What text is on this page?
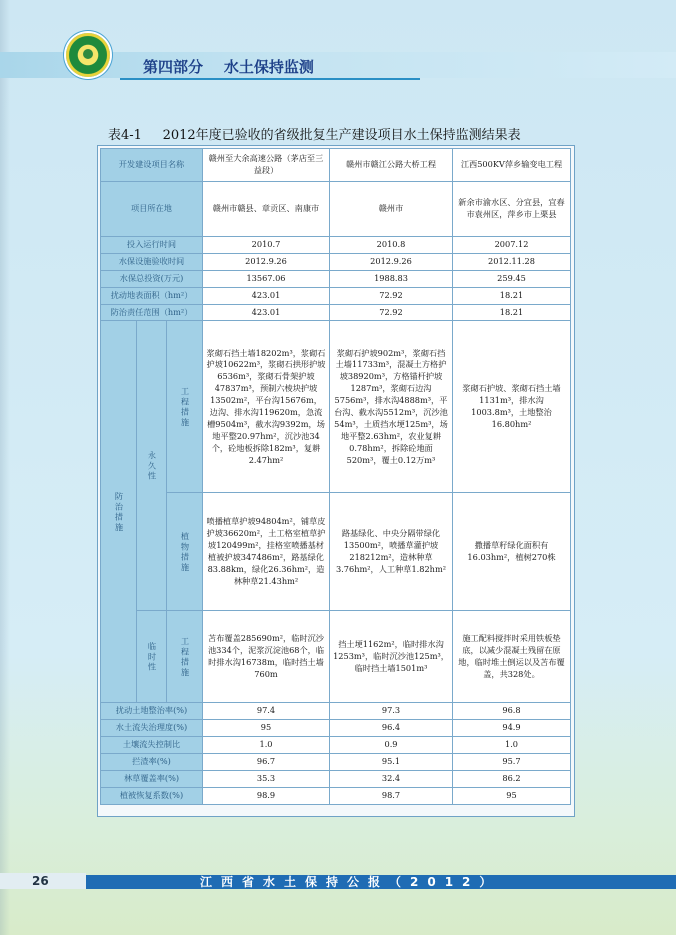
第四部分    水土保持监测
表4-1     2012年度已验收的省级批复生产建设项目水土保持监测结果表
开发建设项目名称			赣州至大余高速公路（茅店至三益段）	赣州市赣江公路大桥工程	江西500KV萍乡输变电工程
项目所在地			赣州市赣县、章贡区、南康市	赣州市	新余市渝水区、分宜县，宜春市袁州区，萍乡市上栗县
投入运行时间			2010.7	2010.8	2007.12
水保设施验收时间			2012.9.26	2012.9.26	2012.11.28
水保总投资(万元)			13567.06	1988.83	259.45
扰动地表面积（hm²）			423.01	72.92	18.21
防治责任范围（hm²）			423.01	72.92	18.21
防治措施	永久性	工程措施	浆砌石挡土墙18202m³，浆砌石护坡10622m³，浆砌石拱形护坡6536m³，浆砌石骨架护坡47837m³，预制六棱块护坡13502m²，平台沟15676m，边沟、排水沟119620m，急流槽9504m³，截水沟9392m，场地平整20.97hm²，沉沙池34个，砼地板拆除182m³，复耕2.47hm²	浆砌石护坡902m³，浆砌石挡土墙11733m³，混凝土方格护坡38920m³，方格锚杆护坡1287m³，浆砌石边沟5756m³，排水沟4888m³，平台沟、截水沟5512m³，沉沙池54m³，土质挡水埂125m³，场地平整2.63hm²，农业复耕0.78hm²，拆除砼地面520m³，覆土0.12万m³	浆砌石护坡、浆砌石挡土墙1131m³，排水沟1003.8m³，土地整治16.80hm²
		植物措施	喷播植草护坡94804m²，铺草皮护坡36620m²，土工格室植草护坡120499m²，挂格室喷播基材植被护坡347486m²，路基绿化83.88km，绿化26.36hm²，造林种草21.43hm²	路基绿化、中央分隔带绿化13500m²，喷播草灌护坡218212m²，造林种草3.76hm²，人工种草1.82hm²	撒播草籽绿化面积有16.03hm²，植树270株
	临时性	工程措施	苫布覆盖285690m²，临时沉沙池334个，泥浆沉淀池68个，临时排水沟16738m，临时挡土墙760m	挡土埂1162m²，临时排水沟1253m³，临时沉沙池125m³，临时挡土墙1501m³	施工配料搅拌时采用铁板垫底，以减少混凝土残留在原地，临时堆土倒运以及苫布覆盖，共328处。
扰动土地整治率(%)			97.4	97.3	96.8
水土流失治理度(%)			95	96.4	94.9
土壤流失控制比			1.0	0.9	1.0
拦渣率(%)			96.7	95.1	95.7
林草覆盖率(%)			35.3	32.4	86.2
植被恢复系数(%)			98.9	98.7	95
26	江西省水土保持公报（2012）
